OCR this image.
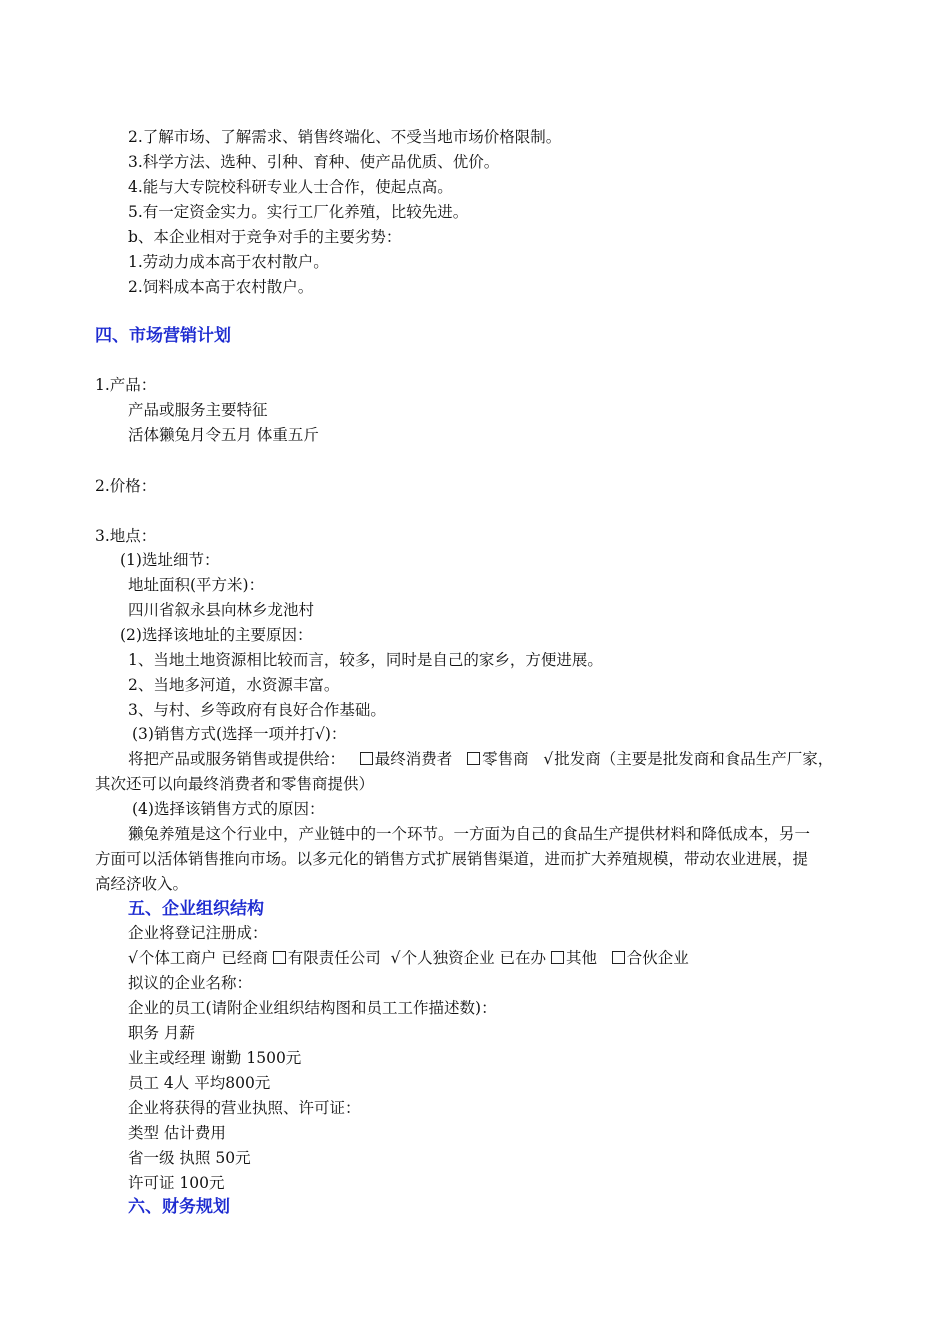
2.了解市场、了解需求、销售终端化、不受当地市场价格限制。
3.科学方法、选种、引种、育种、使产品优质、优价。
4.能与大专院校科研专业人士合作，使起点高。
5.有一定资金实力。实行工厂化养殖，比较先进。
b、本企业相对于竞争对手的主要劣势：
1.劳动力成本高于农村散户。
2.饲料成本高于农村散户。
四、市场营销计划
1.产品：
产品或服务主要特征
活体獭兔月令五月 体重五斤
2.价格：
3.地点：
(1)选址细节：
地址面积(平方米)：
四川省叙永县向林乡龙池村
(2)选择该地址的主要原因：
1、当地土地资源相比较而言，较多，同时是自己的家乡，方便进展。
2、当地多河道，水资源丰富。
3、与村、乡等政府有良好合作基础。
(3)销售方式(选择一项并打√)：
将把产品或服务销售或提供给： 最终消费者 零售商 √批发商（主要是批发商和食品生产厂家，
其次还可以向最终消费者和零售商提供）
(4)选择该销售方式的原因：
獭兔养殖是这个行业中，产业链中的一个环节。一方面为自己的食品生产提供材料和降低成本，另一
方面可以活体销售推向市场。以多元化的销售方式扩展销售渠道，进而扩大养殖规模，带动农业进展，提
高经济收入。
五、企业组织结构
企业将登记注册成：
√个体工商户 已经商 有限责任公司 √个人独资企业 已在办 其他 合伙企业
拟议的企业名称：
企业的员工(请附企业组织结构图和员工工作描述数)：
职务 月薪
业主或经理 谢勤 1500元
员工 4人 平均800元
企业将获得的营业执照、许可证：
类型 估计费用
省一级 执照 50元
许可证 100元
六、财务规划
